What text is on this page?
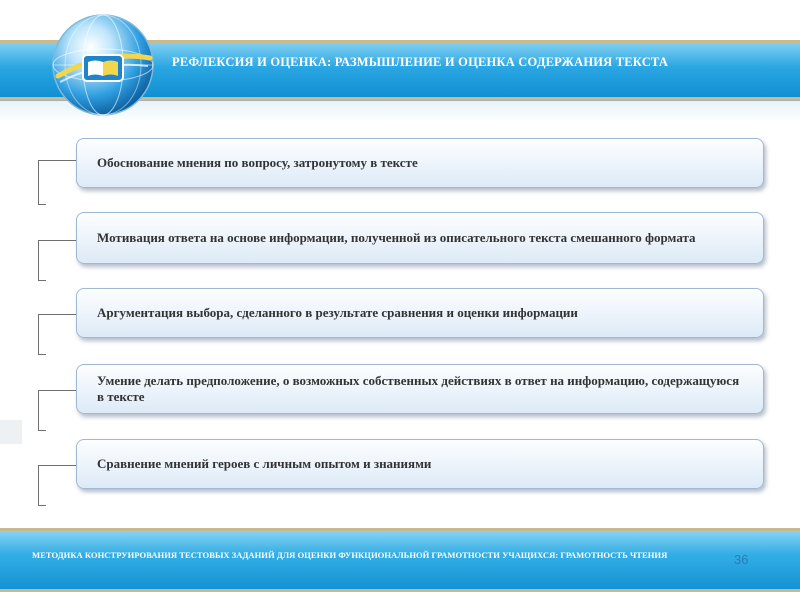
РЕФЛЕКСИЯ И ОЦЕНКА: РАЗМЫШЛЕНИЕ И ОЦЕНКА СОДЕРЖАНИЯ ТЕКСТА
Обоснование мнения по вопросу, затронутому в тексте
Мотивация ответа на основе информации, полученной из описательного текста смешанного формата
Аргументация выбора, сделанного в результате сравнения и оценки информации
Умение делать предположение, о возможных собственных действиях в ответ на информацию, содержащуюся в тексте
Сравнение мнений героев с личным опытом и знаниями
36
МЕТОДИКА КОНСТРУИРОВАНИЯ ТЕСТОВЫХ ЗАДАНИЙ ДЛЯ ОЦЕНКИ ФУНКЦИОНАЛЬНОЙ ГРАМОТНОСТИ УЧАЩИХСЯ: ГРАМОТНОСТЬ ЧТЕНИЯ
